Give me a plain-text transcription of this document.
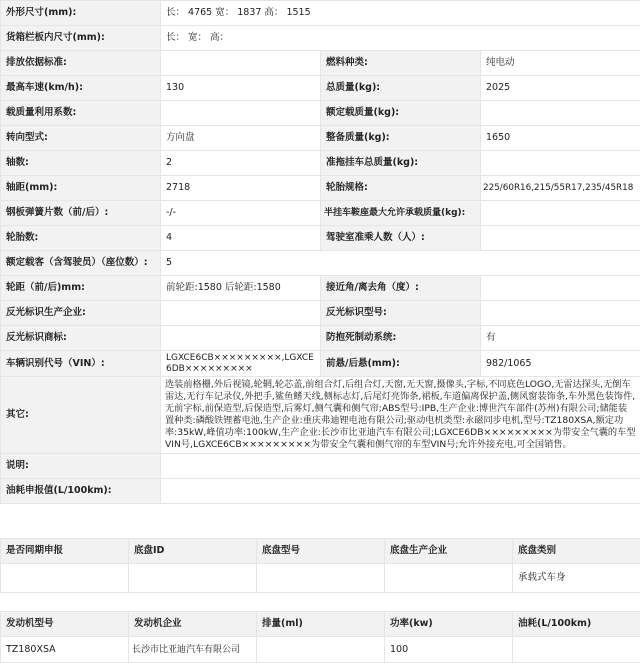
外形尺寸(mm):	长： 4765 宽： 1837 高： 1515		
货箱栏板内尺寸(mm):	长： 宽： 高：		
排放依据标准:		燃料种类:	纯电动
最高车速(km/h):	130	总质量(kg):	2025
载质量利用系数:		额定载质量(kg):	
转向型式:	方向盘	整备质量(kg):	1650
轴数:	2	准拖挂车总质量(kg):	
轴距(mm):	2718	轮胎规格:	225/60R16,215/55R17,235/45R18
钢板弹簧片数（前/后）:	-/-	半挂车鞍座最大允许承载质量(kg):	
轮胎数:	4	驾驶室准乘人数（人）:	
额定载客（含驾驶员）（座位数）:	5		
轮距（前/后)mm:	前轮距:1580 后轮距:1580	接近角/离去角（度）:	
反光标识生产企业:		反光标识型号:	
反光标识商标:		防抱死制动系统:	有
车辆识别代号（VIN）:	LGXCE6CB×××××××××,LGXCE6DB×××××××××	前悬/后悬(mm):	982/1065
其它:	选装前格栅,外后视镜,轮辋,轮芯盖,前组合灯,后组合灯,天窗,无天窗,摄像头,字标,不同底色LOGO,无雷达探头,无倒车雷达,无行车记录仪,外把手,鲨鱼鳍天线,侧标志灯,后尾灯亮饰条,裙板,车道偏离保护盖,侧风窗装饰条,车外黑色装饰件,无前字标,前保造型,后保造型,后雾灯,侧气囊和侧气帘;ABS型号:IPB,生产企业:博世汽车部件(苏州)有限公司;储能装置种类:磷酸铁锂蓄电池,生产企业:重庆弗迪锂电池有限公司;驱动电机类型:永磁同步电机,型号:TZ180XSA,额定功率:35kW,峰值功率:100kW,生产企业:长沙市比亚迪汽车有限公司;LGXCE6DB×××××××××为带安全气囊的车型VIN号,LGXCE6CB×××××××××为带安全气囊和侧气帘的车型VIN号;允许外接充电,可全国销售。		
说明:			
油耗申报值(L/100km):			
是否同期申报	底盘ID	底盘型号	底盘生产企业	底盘类别
				承载式车身
发动机型号	发动机企业	排量(ml)	功率(kw)	油耗(L/100km)
TZ180XSA	长沙市比亚迪汽车有限公司		100	
